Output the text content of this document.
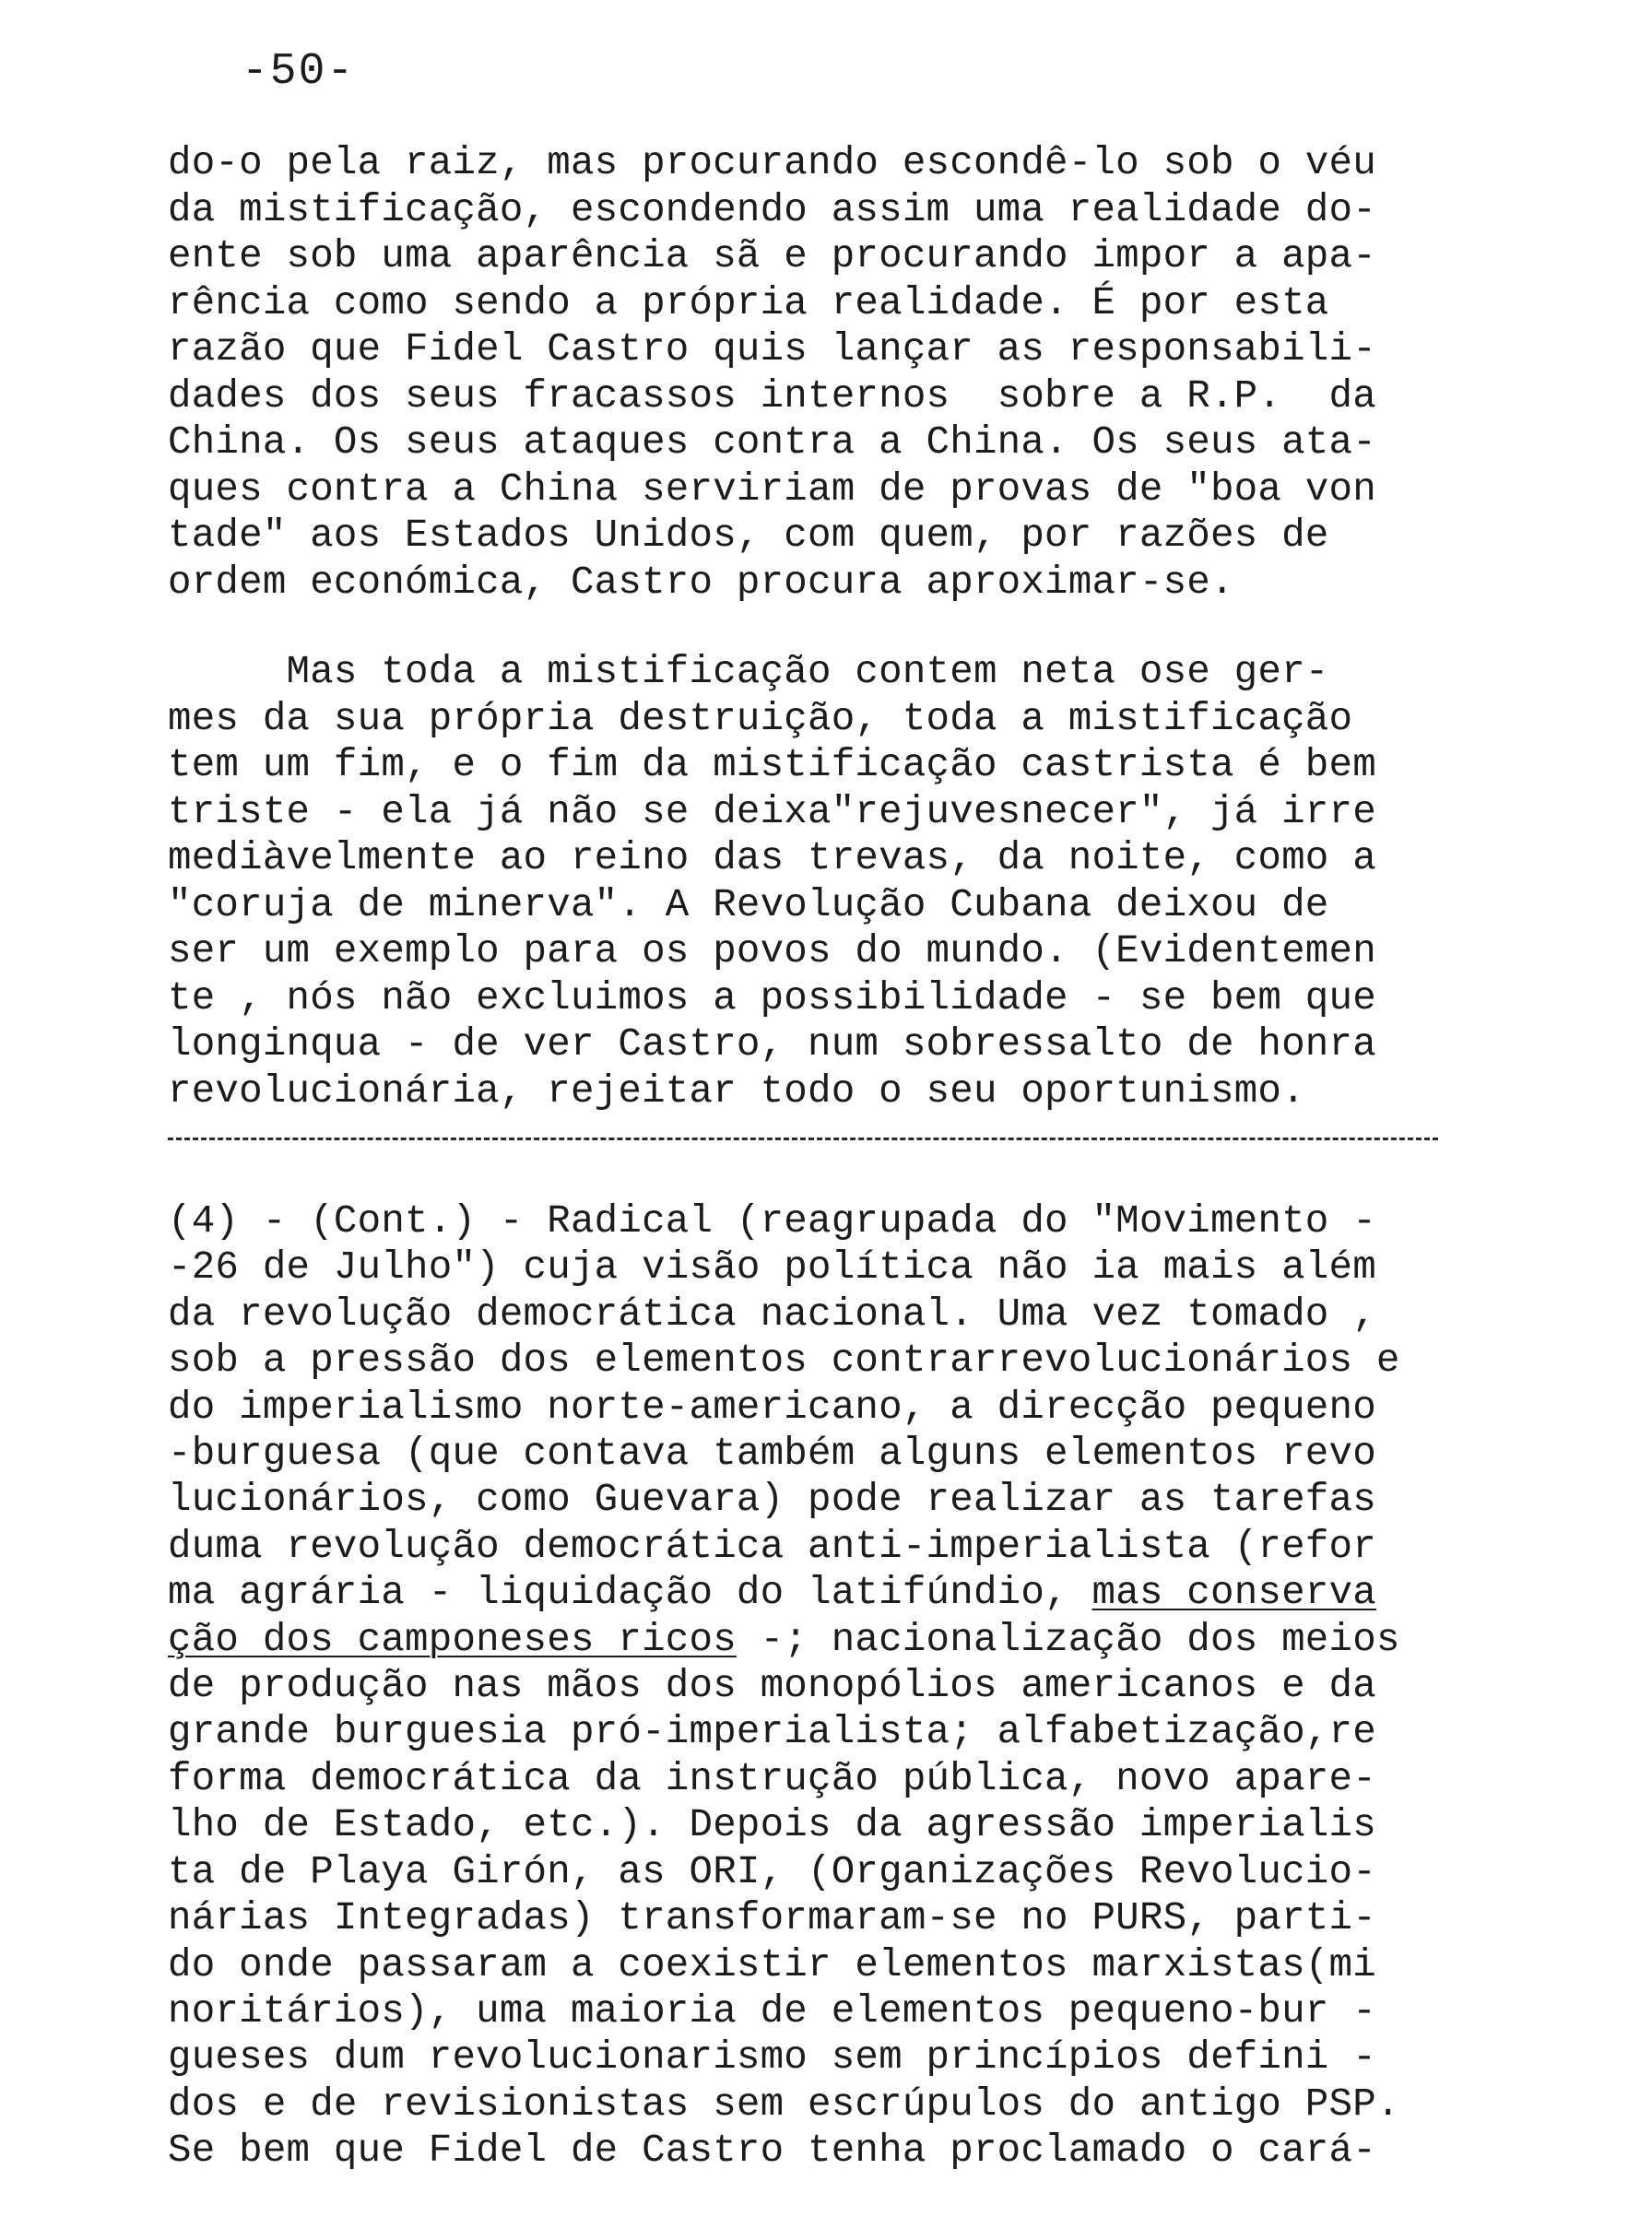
-50-
do-o pela raiz, mas procurando escondê-lo sob o véu
da mistificação, escondendo assim uma realidade do-
ente sob uma aparência sã e procurando impor a apa-
rência como sendo a própria realidade. É por esta
razão que Fidel Castro quis lançar as responsabili-
dades dos seus fracassos internos  sobre a R.P.  da
China. Os seus ataques contra a China. Os seus ata-
ques contra a China serviriam de provas de "boa von
tade" aos Estados Unidos, com quem, por razões de
ordem económica, Castro procura aproximar-se.
Mas toda a mistificação contem neta ose ger-
mes da sua própria destruição, toda a mistificação
tem um fim, e o fim da mistificação castrista é bem
triste - ela já não se deixa"rejuvesnecer", já irre
mediàvelmente ao reino das trevas, da noite, como a
"coruja de minerva". A Revolução Cubana deixou de
ser um exemplo para os povos do mundo. (Evidentemen
te , nós não excluimos a possibilidade - se bem que
longinqua - de ver Castro, num sobressalto de honra
revolucionária, rejeitar todo o seu oportunismo.
(4) - (Cont.) - Radical (reagrupada do "Movimento -
-26 de Julho") cuja visão política não ia mais além
da revolução democrática nacional. Uma vez tomado ,
sob a pressão dos elementos contrarrevolucionários e
do imperialismo norte-americano, a direcção pequeno
-burguesa (que contava também alguns elementos revo
lucionários, como Guevara) pode realizar as tarefas
duma revolução democrática anti-imperialista (refor
ma agrária - liquidação do latifúndio, mas conserva
ção dos camponeses ricos -; nacionalização dos meios
de produção nas mãos dos monopólios americanos e da
grande burguesia pró-imperialista; alfabetização,re
forma democrática da instrução pública, novo apare-
lho de Estado, etc.). Depois da agressão imperialis
ta de Playa Girón, as ORI, (Organizações Revolucio-
nárias Integradas) transformaram-se no PURS, parti-
do onde passaram a coexistir elementos marxistas(mi
noritários), uma maioria de elementos pequeno-bur -
gueses dum revolucionarismo sem princípios defini -
dos e de revisionistas sem escrúpulos do antigo PSP.
Se bem que Fidel de Castro tenha proclamado o cará-
